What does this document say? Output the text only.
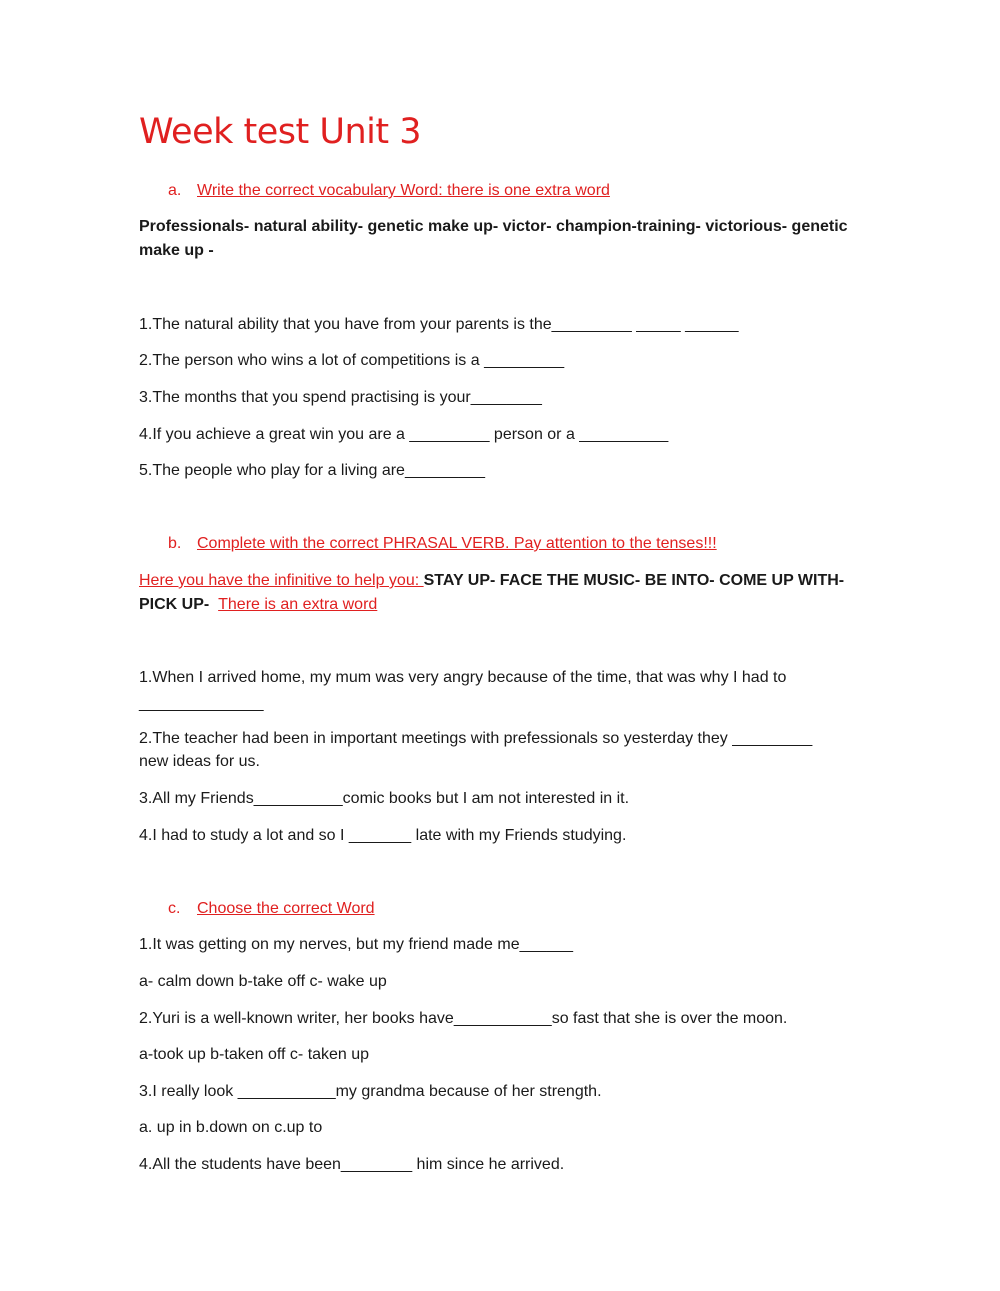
Week test Unit 3
a. Write the correct vocabulary Word: there is one extra word
Professionals- natural ability- genetic make up- victor- champion-training- victorious- genetic
make up -
1.The natural ability that you have from your parents is the_________ _____ ______
2.The person who wins a lot of competitions is a _________
3.The months that you spend practising is your________
4.If you achieve a great win you are a _________ person or a __________
5.The people who play for a living are_________
b. Complete with the correct PHRASAL VERB. Pay attention to the tenses!!!
Here you have the infinitive to help you: STAY UP- FACE THE MUSIC- BE INTO- COME UP WITH-
PICK UP- There is an extra word
1.When I arrived home, my mum was very angry because of the time, that was why I had to
______________
2.The teacher had been in important meetings with prefessionals so yesterday they _________
new ideas for us.
3.All my Friends__________comic books but I am not interested in it.
4.I had to study a lot and so I _______ late with my Friends studying.
c. Choose the correct Word
1.It was getting on my nerves, but my friend made me______
a- calm down b-take off c- wake up
2.Yuri is a well-known writer, her books have___________so fast that she is over the moon.
a-took up b-taken off c- taken up
3.I really look ___________my grandma because of her strength.
a. up in b.down on c.up to
4.All the students have been________ him since he arrived.
